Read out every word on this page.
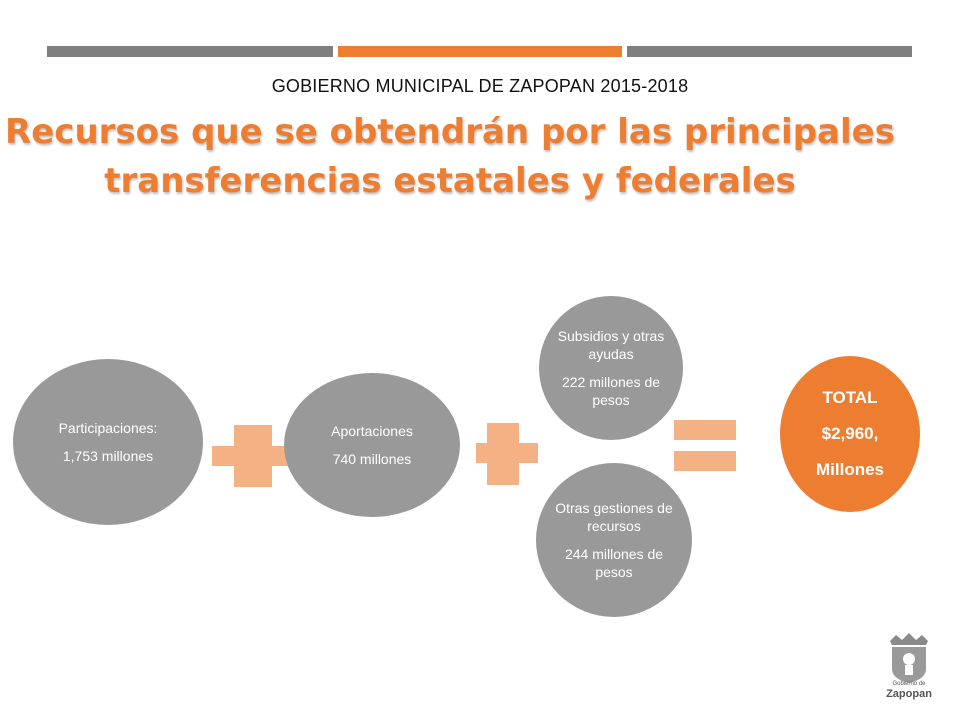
GOBIERNO MUNICIPAL DE ZAPOPAN 2015-2018
Recursos que se obtendrán por las principales
transferencias estatales y federales
Participaciones:
1,753 millones
Aportaciones
740 millones
Subsidios y otras ayudas
222 millones de pesos
Otras gestiones de recursos
244 millones de pesos
TOTAL
$2,960,
Millones
Gobierno de
Zapopan
